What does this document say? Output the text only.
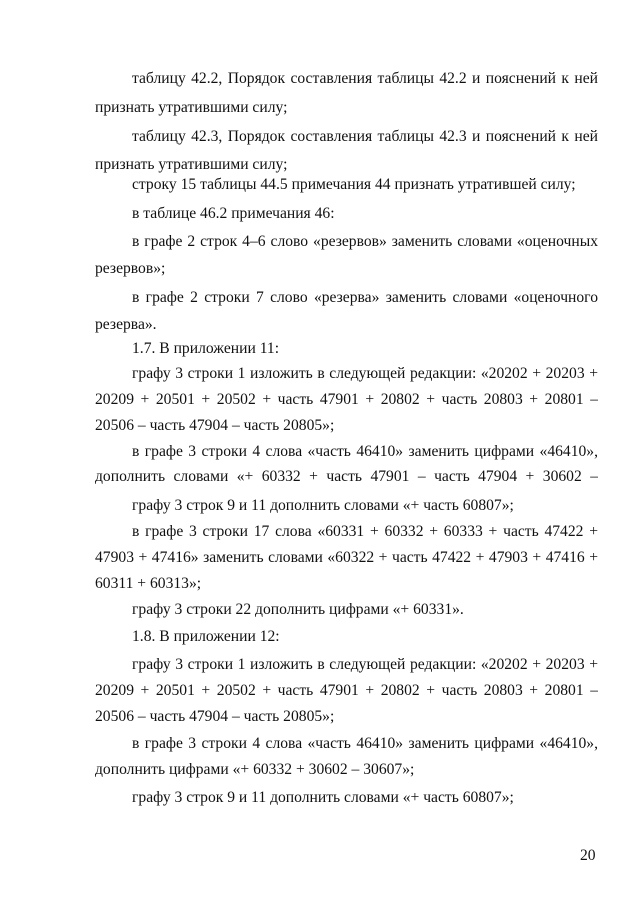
таблицу 42.2, Порядок составления таблицы 42.2 и пояснений к ней
признать утратившими силу;
таблицу 42.3, Порядок составления таблицы 42.3 и пояснений к ней
признать утратившими силу;
строку 15 таблицы 44.5 примечания 44 признать утратившей силу;
в таблице 46.2 примечания 46:
в графе 2 строк 4–6 слово «резервов» заменить словами «оценочных
резервов»;
в графе 2 строки 7 слово «резерва» заменить словами «оценочного
резерва».
1.7. В приложении 11:
графу 3 строки 1 изложить в следующей редакции: «20202 + 20203 +
20209 + 20501 + 20502 + часть 47901 + 20802 + часть 20803 + 20801 –
20506 – часть 47904 – часть 20805»;
в графе 3 строки 4 слова «часть 46410» заменить цифрами «46410»,
дополнить словами «+ 60332 + часть 47901 – часть 47904 + 30602 –
графу 3 строк 9 и 11 дополнить словами «+ часть 60807»;
в графе 3 строки 17 слова «60331 + 60332 + 60333 + часть 47422 +
47903 + 47416» заменить словами «60322 + часть 47422 + 47903 + 47416 +
60311 + 60313»;
графу 3 строки 22 дополнить цифрами «+ 60331».
1.8. В приложении 12:
графу 3 строки 1 изложить в следующей редакции: «20202 + 20203 +
20209 + 20501 + 20502 + часть 47901 + 20802 + часть 20803 + 20801 –
20506 – часть 47904 – часть 20805»;
в графе 3 строки 4 слова «часть 46410» заменить цифрами «46410»,
дополнить цифрами «+ 60332 + 30602 – 30607»;
графу 3 строк 9 и 11 дополнить словами «+ часть 60807»;
20
